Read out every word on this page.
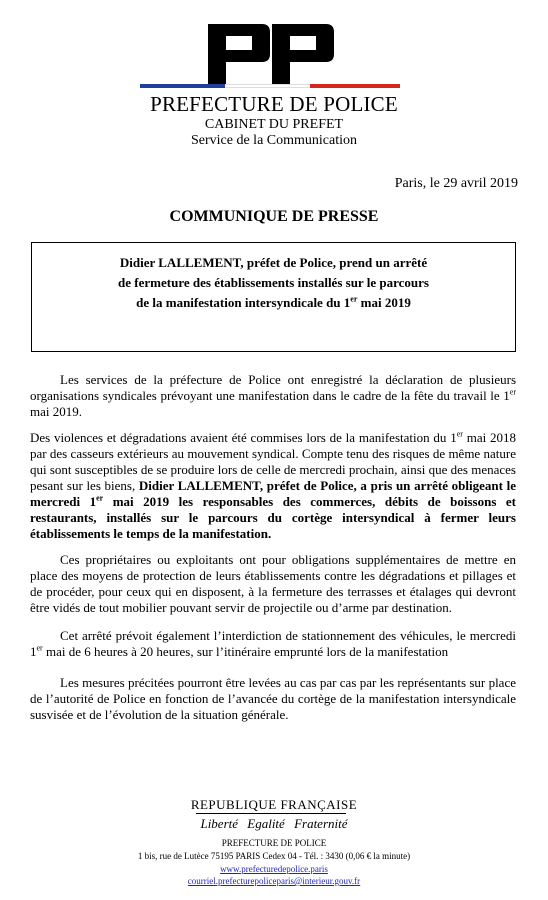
PREFECTURE DE POLICE
CABINET DU PREFET
Service de la Communication
Paris, le 29 avril 2019
COMMUNIQUE DE PRESSE
Didier LALLEMENT, préfet de Police, prend un arrêté
de fermeture des établissements installés sur le parcours
de la manifestation intersyndicale du 1er mai 2019
Les services de la préfecture de Police ont enregistré la déclaration de plusieurs organisations syndicales prévoyant une manifestation dans le cadre de la fête du travail le 1er mai 2019.
Des violences et dégradations avaient été commises lors de la manifestation du 1er mai 2018 par des casseurs extérieurs au mouvement syndical. Compte tenu des risques de même nature qui sont susceptibles de se produire lors de celle de mercredi prochain, ainsi que des menaces pesant sur les biens, Didier LALLEMENT, préfet de Police, a pris un arrêté obligeant le mercredi 1er mai 2019 les responsables des commerces, débits de boissons et restaurants, installés sur le parcours du cortège intersyndical à fermer leurs établissements le temps de la manifestation.
Ces propriétaires ou exploitants ont pour obligations supplémentaires de mettre en place des moyens de protection de leurs établissements contre les dégradations et pillages et de procéder, pour ceux qui en disposent, à la fermeture des terrasses et étalages qui devront être vidés de tout mobilier pouvant servir de projectile ou d’arme par destination.
Cet arrêté prévoit également l’interdiction de stationnement des véhicules, le mercredi 1er mai de 6 heures à 20 heures, sur l’itinéraire emprunté lors de la manifestation
Les mesures précitées pourront être levées au cas par cas par les représentants sur place de l’autorité de Police en fonction de l’avancée du cortège de la manifestation intersyndicale susvisée et de l’évolution de la situation générale.
REPUBLIQUE FRANÇAISE
Liberté Egalité Fraternité
PREFECTURE DE POLICE
1 bis, rue de Lutèce 75195 PARIS Cedex 04 - Tél. : 3430 (0,06 € la minute)
www.prefecturedepolice.paris
courriel.prefecturepoliceparis@interieur.gouv.fr
